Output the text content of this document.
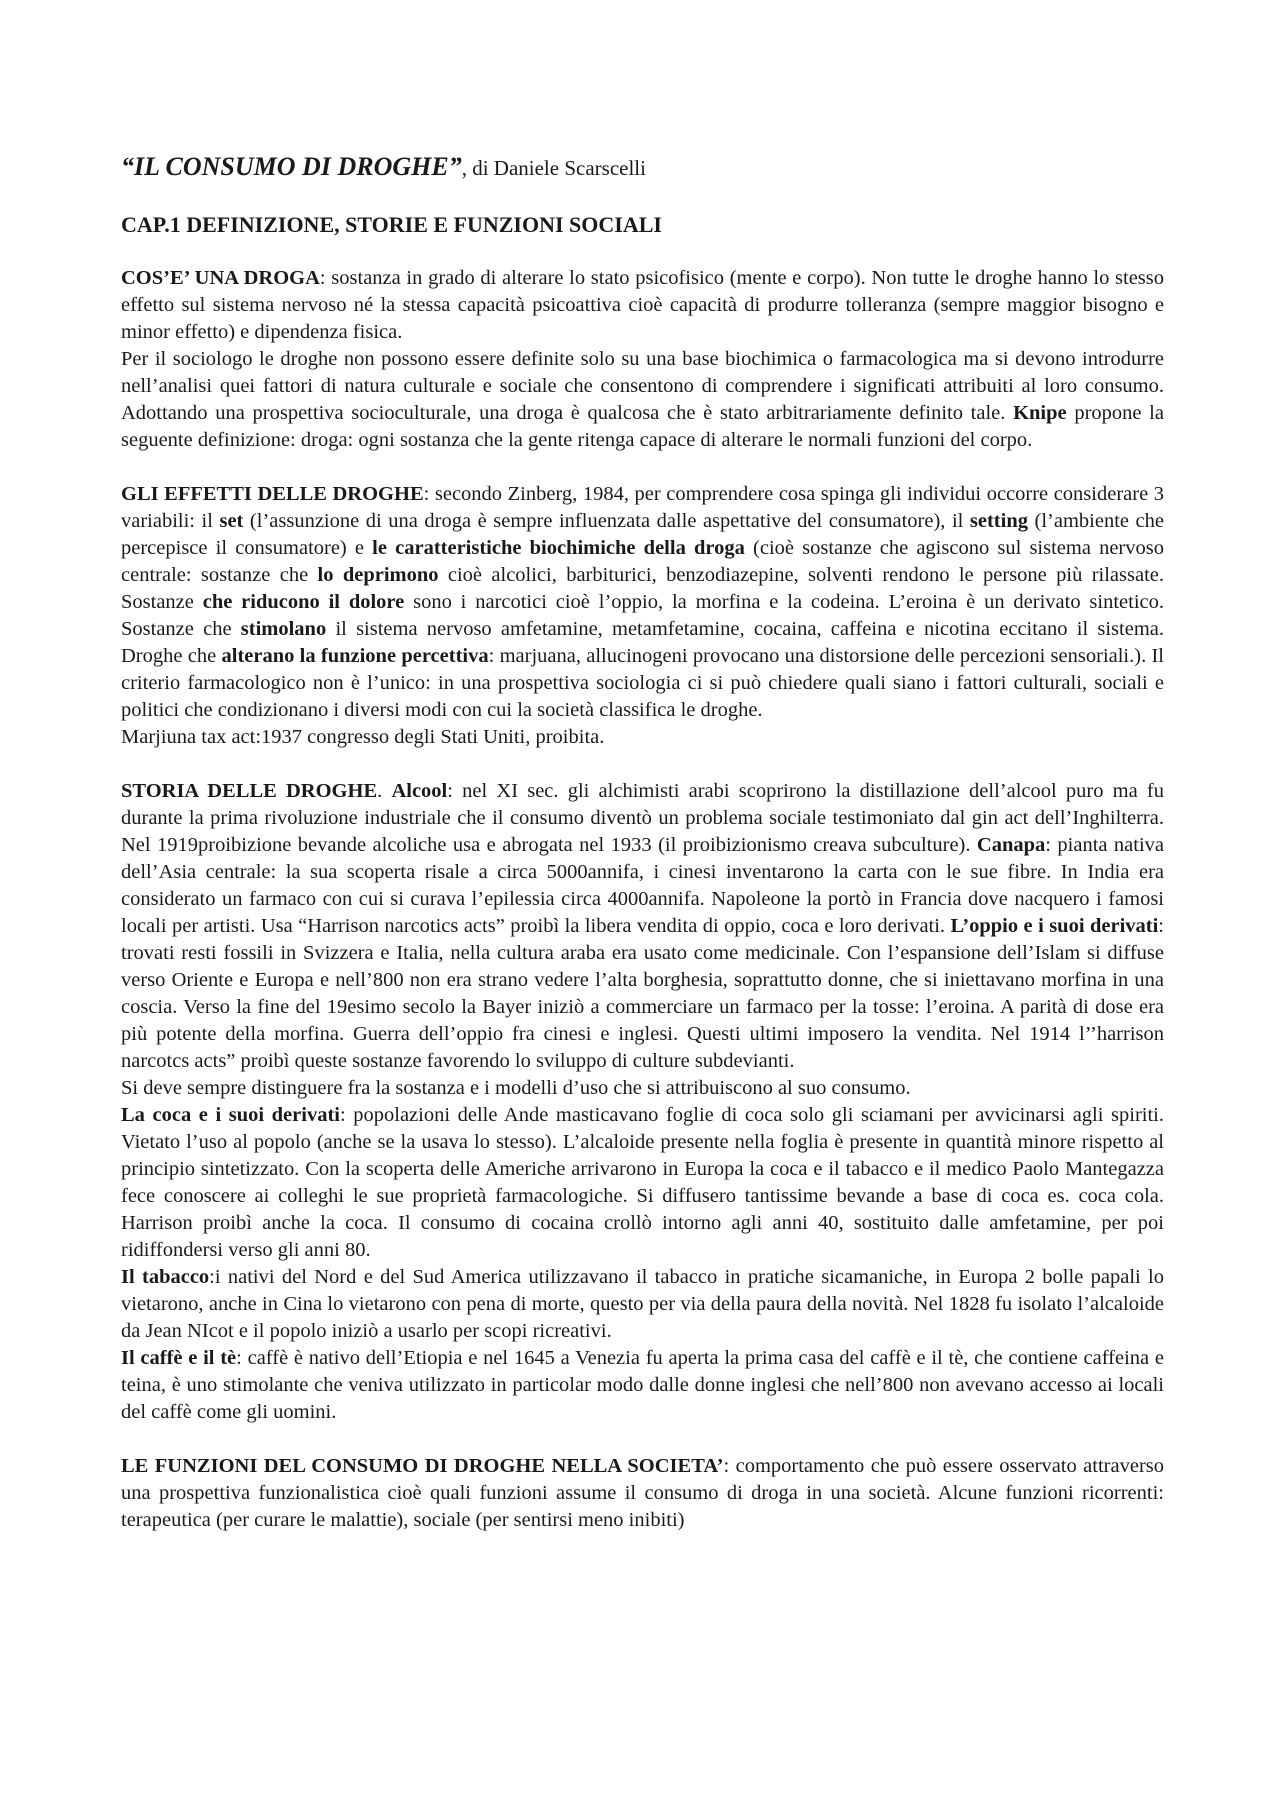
“IL CONSUMO DI DROGHE”, di Daniele Scarscelli
CAP.1 DEFINIZIONE, STORIE E FUNZIONI SOCIALI

COS’E’ UNA DROGA: sostanza in grado di alterare lo stato psicofisico (mente e corpo). Non tutte le droghe hanno lo stesso effetto sul sistema nervoso né la stessa capacità psicoattiva cioè capacità di produrre tolleranza (sempre maggior bisogno e minor effetto) e dipendenza fisica.

Per il sociologo le droghe non possono essere definite solo su una base biochimica o farmacologica ma si devono introdurre nell’analisi quei fattori di natura culturale e sociale che consentono di comprendere i significati attribuiti al loro consumo. Adottando una prospettiva socioculturale, una droga è qualcosa che è stato arbitrariamente definito tale. Knipe propone la seguente definizione: droga: ogni sostanza che la gente ritenga capace di alterare le normali funzioni del corpo.

GLI EFFETTI DELLE DROGHE: secondo Zinberg, 1984, per comprendere cosa spinga gli individui occorre considerare 3 variabili: il set (l’assunzione di una droga è sempre influenzata dalle aspettative del consumatore), il setting (l’ambiente che percepisce il consumatore) e le caratteristiche biochimiche della droga (cioè sostanze che agiscono sul sistema nervoso centrale: sostanze che lo deprimono cioè alcolici, barbiturici, benzodiazepine, solventi rendono le persone più rilassate. Sostanze che riducono il dolore sono i narcotici cioè l’oppio, la morfina e la codeina. L’eroina è un derivato sintetico. Sostanze che stimolano il sistema nervoso amfetamine, metamfetamine, cocaina, caffeina e nicotina eccitano il sistema. Droghe che alterano la funzione percettiva: marjuana, allucinogeni provocano una distorsione delle percezioni sensoriali.). Il criterio farmacologico non è l’unico: in una prospettiva sociologia ci si può chiedere quali siano i fattori culturali, sociali e politici che condizionano i diversi modi con cui la società classifica le droghe.

Marjiuna tax act:1937 congresso degli Stati Uniti, proibita.

STORIA DELLE DROGHE. Alcool: nel XI sec. gli alchimisti arabi scoprirono la distillazione dell’alcool puro ma fu durante la prima rivoluzione industriale che il consumo diventò un problema sociale testimoniato dal gin act dell’Inghilterra. Nel 1919proibizione bevande alcoliche usa e abrogata nel 1933 (il proibizionismo creava subculture). Canapa: pianta nativa dell’Asia centrale: la sua scoperta risale a circa 5000annifa, i cinesi inventarono la carta con le sue fibre. In India era considerato un farmaco con cui si curava l’epilessia circa 4000annifa. Napoleone la portò in Francia dove nacquero i famosi locali per artisti. Usa “Harrison narcotics acts” proibì la libera vendita di oppio, coca e loro derivati. L’oppio e i suoi derivati: trovati resti fossili in Svizzera e Italia, nella cultura araba era usato come medicinale. Con l’espansione dell’Islam si diffuse verso Oriente e Europa e nell’800 non era strano vedere l’alta borghesia, soprattutto donne, che si iniettavano morfina in una coscia. Verso la fine del 19esimo secolo la Bayer iniziò a commerciare un farmaco per la tosse: l’eroina. A parità di dose era più potente della morfina. Guerra dell’oppio fra cinesi e inglesi. Questi ultimi imposero la vendita. Nel 1914 l’’harrison narcotcs acts” proibì queste sostanze favorendo lo sviluppo di culture subdevianti.

Si deve sempre distinguere fra la sostanza e i modelli d’uso che si attribuiscono al suo consumo.

La coca e i suoi derivati: popolazioni delle Ande masticavano foglie di coca solo gli sciamani per avvicinarsi agli spiriti. Vietato l’uso al popolo (anche se la usava lo stesso). L’alcaloide presente nella foglia è presente in quantità minore rispetto al principio sintetizzato. Con la scoperta delle Americhe arrivarono in Europa la coca e il tabacco e il medico Paolo Mantegazza fece conoscere ai colleghi le sue proprietà farmacologiche. Si diffusero tantissime bevande a base di coca es. coca cola. Harrison proibì anche la coca. Il consumo di cocaina crollò intorno agli anni 40, sostituito dalle amfetamine, per poi ridiffondersi verso gli anni 80.

Il tabacco:i nativi del Nord e del Sud America utilizzavano il tabacco in pratiche sicamaniche, in Europa 2 bolle papali lo vietarono, anche in Cina lo vietarono con pena di morte, questo per via della paura della novità. Nel 1828 fu isolato l’alcaloide da Jean NIcot e il popolo iniziò a usarlo per scopi ricreativi.

Il caffè e il tè: caffè è nativo dell’Etiopia e nel 1645 a Venezia fu aperta la prima casa del caffè e il tè, che contiene caffeina e teina, è uno stimolante che veniva utilizzato in particolar modo dalle donne inglesi che nell’800 non avevano accesso ai locali del caffè come gli uomini.

LE FUNZIONI DEL CONSUMO DI DROGHE NELLA SOCIETA’: comportamento che può essere osservato attraverso una prospettiva funzionalistica cioè quali funzioni assume il consumo di droga in una società. Alcune funzioni ricorrenti: terapeutica (per curare le malattie), sociale (per sentirsi meno inibiti)
